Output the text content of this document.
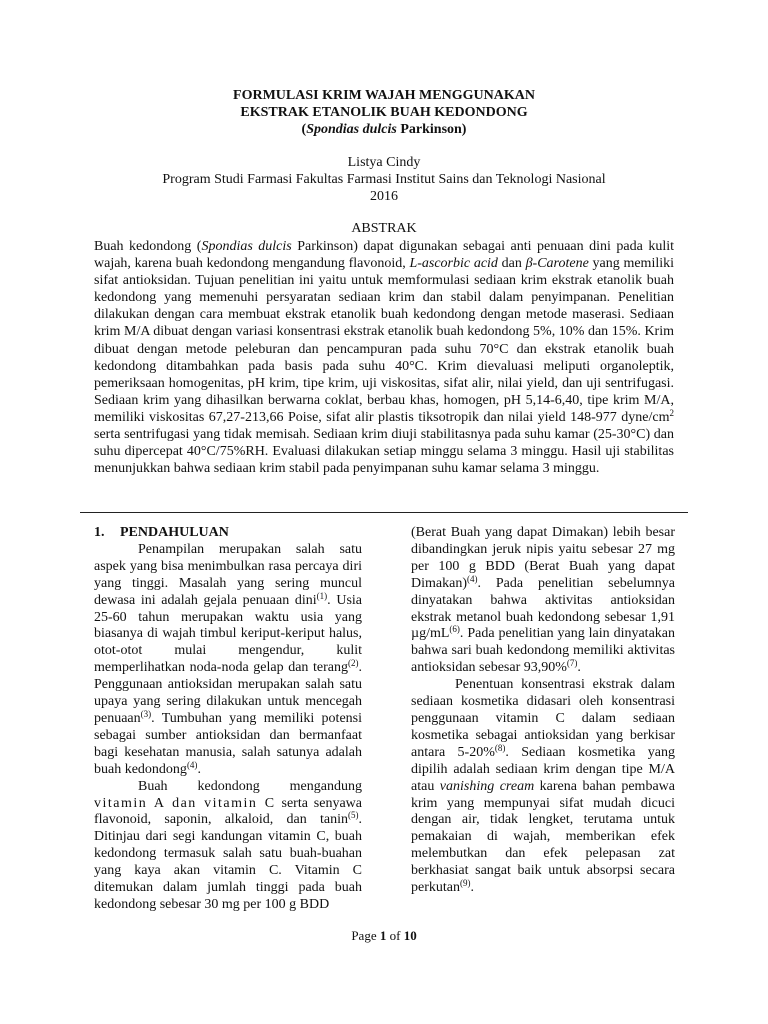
FORMULASI KRIM WAJAH MENGGUNAKAN
EKSTRAK ETANOLIK BUAH KEDONDONG
(Spondias dulcis Parkinson)
Listya Cindy
Program Studi Farmasi Fakultas Farmasi Institut Sains dan Teknologi Nasional
2016
ABSTRAK
Buah kedondong (Spondias dulcis Parkinson) dapat digunakan sebagai anti penuaan dini pada kulit wajah, karena buah kedondong mengandung flavonoid, L-ascorbic acid dan β-Carotene yang memiliki sifat antioksidan. Tujuan penelitian ini yaitu untuk memformulasi sediaan krim ekstrak etanolik buah kedondong yang memenuhi persyaratan sediaan krim dan stabil dalam penyimpanan. Penelitian dilakukan dengan cara membuat ekstrak etanolik buah kedondong dengan metode maserasi. Sediaan krim M/A dibuat dengan variasi konsentrasi ekstrak etanolik buah kedondong 5%, 10% dan 15%. Krim dibuat dengan metode peleburan dan pencampuran pada suhu 70°C dan ekstrak etanolik buah kedondong ditambahkan pada basis pada suhu 40°C. Krim dievaluasi meliputi organoleptik, pemeriksaan homogenitas, pH krim, tipe krim, uji viskositas, sifat alir, nilai yield, dan uji sentrifugasi. Sediaan krim yang dihasilkan berwarna coklat, berbau khas, homogen, pH 5,14-6,40, tipe krim M/A, memiliki viskositas 67,27-213,66 Poise, sifat alir plastis tiksotropik dan nilai yield 148-977 dyne/$cm^2$ serta sentrifugasi yang tidak memisah. Sediaan krim diuji stabilitasnya pada suhu kamar (25-30°C) dan suhu dipercepat 40°C/75%RH. Evaluasi dilakukan setiap minggu selama 3 minggu. Hasil uji stabilitas menunjukkan bahwa sediaan krim stabil pada penyimpanan suhu kamar selama 3 minggu.

1. PENDAHULUAN

Penampilan merupakan salah satu aspek yang bisa menimbulkan rasa percaya diri yang tinggi. Masalah yang sering muncul dewasa ini adalah gejala penuaan dini$^{(1)}$. Usia 25-60 tahun merupakan waktu usia yang biasanya di wajah timbul keriput-keriput halus, otot-otot mulai mengendur, kulit memperlihatkan noda-noda gelap dan terang$^{(2)}$. Penggunaan antioksidan merupakan salah satu upaya yang sering dilakukan untuk mencegah penuaan$^{(3)}$. Tumbuhan yang memiliki potensi sebagai sumber antioksidan dan bermanfaat bagi kesehatan manusia, salah satunya adalah buah kedondong$^{(4)}$.

Buah kedondong mengandung vitamin A dan vitamin C serta senyawa flavonoid, saponin, alkaloid, dan tanin$^{(5)}$. Ditinjau dari segi kandungan vitamin C, buah kedondong termasuk salah satu buah-buahan yang kaya akan vitamin C. Vitamin C ditemukan dalam jumlah tinggi pada buah kedondong sebesar 30 mg per 100 g BDD

(Berat Buah yang dapat Dimakan) lebih besar dibandingkan jeruk nipis yaitu sebesar 27 mg per 100 g BDD (Berat Buah yang dapat Dimakan)$^{(4)}$. Pada penelitian sebelumnya dinyatakan bahwa aktivitas antioksidan ekstrak metanol buah kedondong sebesar 1,91 $\mu g/mL^{(6)}$. Pada penelitian yang lain dinyatakan bahwa sari buah kedondong memiliki aktivitas antioksidan sebesar 93,90%$^{(7)}$.

Penentuan konsentrasi ekstrak dalam sediaan kosmetika didasari oleh konsentrasi penggunaan vitamin C dalam sediaan kosmetika sebagai antioksidan yang berkisar antara 5-20%$^{(8)}$. Sediaan kosmetika yang dipilih adalah sediaan krim dengan tipe M/A atau vanishing cream karena bahan pembawa krim yang mempunyai sifat mudah dicuci dengan air, tidak lengket, terutama untuk pemakaian di wajah, memberikan efek melembutkan dan efek pelepasan zat berkhasiat sangat baik untuk absorpsi secara perkutan$^{(9)}$.

Page 1 of 10
